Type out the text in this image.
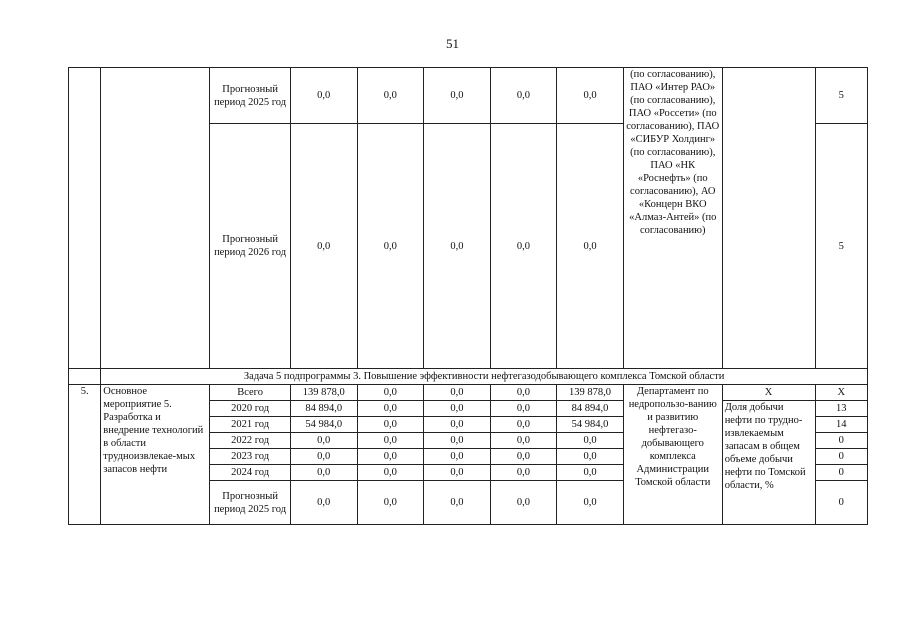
51
		Прогнозный период 2025 год	0,0	0,0	0,0	0,0	0,0	(по согласованию), ПАО «Интер РАО» (по согласованию), ПАО «Россети» (по согласованию), ПАО «СИБУР Холдинг» (по согласованию), ПАО «НК «Роснефть» (по согласованию), АО «Концерн ВКО «Алмаз-Антей» (по согласованию)		5
		Прогнозный период 2026 год	0,0	0,0	0,0	0,0	0,0			5
	Задача 5 подпрограммы 3. Повышение эффективности нефтегазодобывающего комплекса Томской области									
5.	Основное мероприятие 5. Разработка и внедрение технологий в области трудноизвлекае-мых запасов нефти	Всего	139 878,0	0,0	0,0	0,0	139 878,0	Департамент по недропользо-ванию и развитию нефтегазо-добывающего комплекса Администрации Томской области	Х	Х
		2020 год	84 894,0	0,0	0,0	0,0	84 894,0		Доля добычи нефти по трудно-извлекаемым запасам в общем объеме добычи нефти по Томской области, %	13
		2021 год	54 984,0	0,0	0,0	0,0	54 984,0			14
		2022 год	0,0	0,0	0,0	0,0	0,0			0
		2023 год	0,0	0,0	0,0	0,0	0,0			0
		2024 год	0,0	0,0	0,0	0,0	0,0			0
		Прогнозный период 2025 год	0,0	0,0	0,0	0,0	0,0			0
